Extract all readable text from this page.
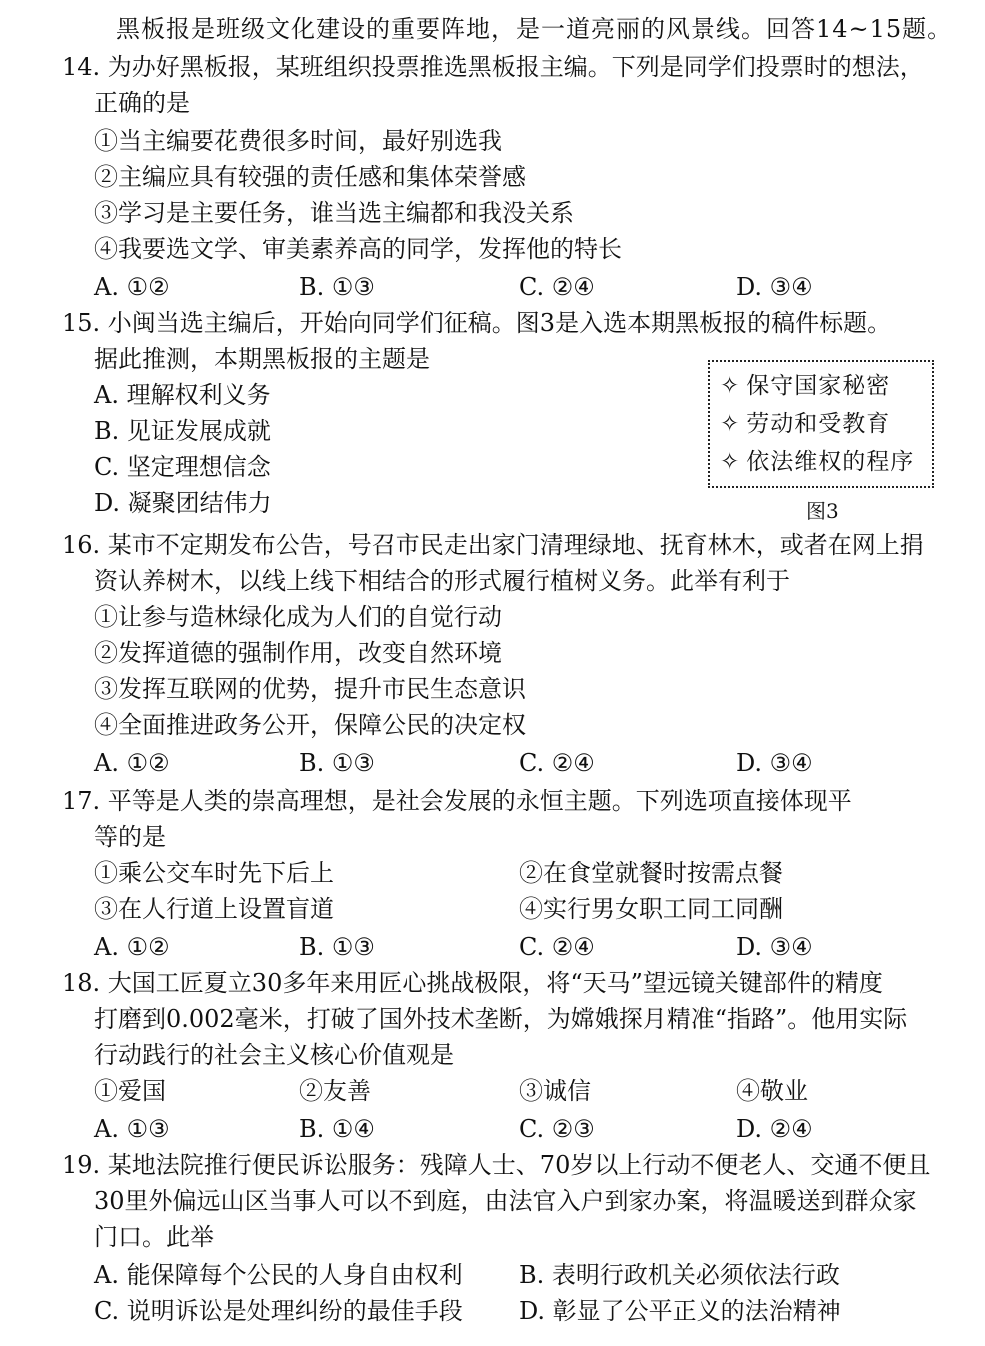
黑板报是班级文化建设的重要阵地，是一道亮丽的风景线。回答14~15题。
14. 为办好黑板报，某班组织投票推选黑板报主编。下列是同学们投票时的想法，
正确的是
①当主编要花费很多时间，最好别选我
②主编应具有较强的责任感和集体荣誉感
③学习是主要任务，谁当选主编都和我没关系
④我要选文学、审美素养高的同学，发挥他的特长
A. ①②	B. ①③	C. ②④	D. ③④
15. 小闽当选主编后，开始向同学们征稿。图3是入选本期黑板报的稿件标题。
据此推测，本期黑板报的主题是
A. 理解权利义务
B. 见证发展成就
C. 坚定理想信念
D. 凝聚团结伟力
✧ 保守国家秘密
✧ 劳动和受教育
✧ 依法维权的程序
图3
16. 某市不定期发布公告，号召市民走出家门清理绿地、抚育林木，或者在网上捐
资认养树木，以线上线下相结合的形式履行植树义务。此举有利于
①让参与造林绿化成为人们的自觉行动
②发挥道德的强制作用，改变自然环境
③发挥互联网的优势，提升市民生态意识
④全面推进政务公开，保障公民的决定权
A. ①②	B. ①③	C. ②④	D. ③④
17. 平等是人类的崇高理想，是社会发展的永恒主题。下列选项直接体现平
等的是
①乘公交车时先下后上	②在食堂就餐时按需点餐
③在人行道上设置盲道	④实行男女职工同工同酬
A. ①②	B. ①③	C. ②④	D. ③④
18. 大国工匠夏立30多年来用匠心挑战极限，将“天马”望远镜关键部件的精度
打磨到0.002毫米，打破了国外技术垄断，为嫦娥探月精准“指路”。他用实际
行动践行的社会主义核心价值观是
①爱国	②友善	③诚信	④敬业
A. ①③	B. ①④	C. ②③	D. ②④
19. 某地法院推行便民诉讼服务：残障人士、70岁以上行动不便老人、交通不便且
30里外偏远山区当事人可以不到庭，由法官入户到家办案，将温暖送到群众家
门口。此举
A. 能保障每个公民的人身自由权利 B. 表明行政机关必须依法行政
C. 说明诉讼是处理纠纷的最佳手段 D. 彰显了公平正义的法治精神
